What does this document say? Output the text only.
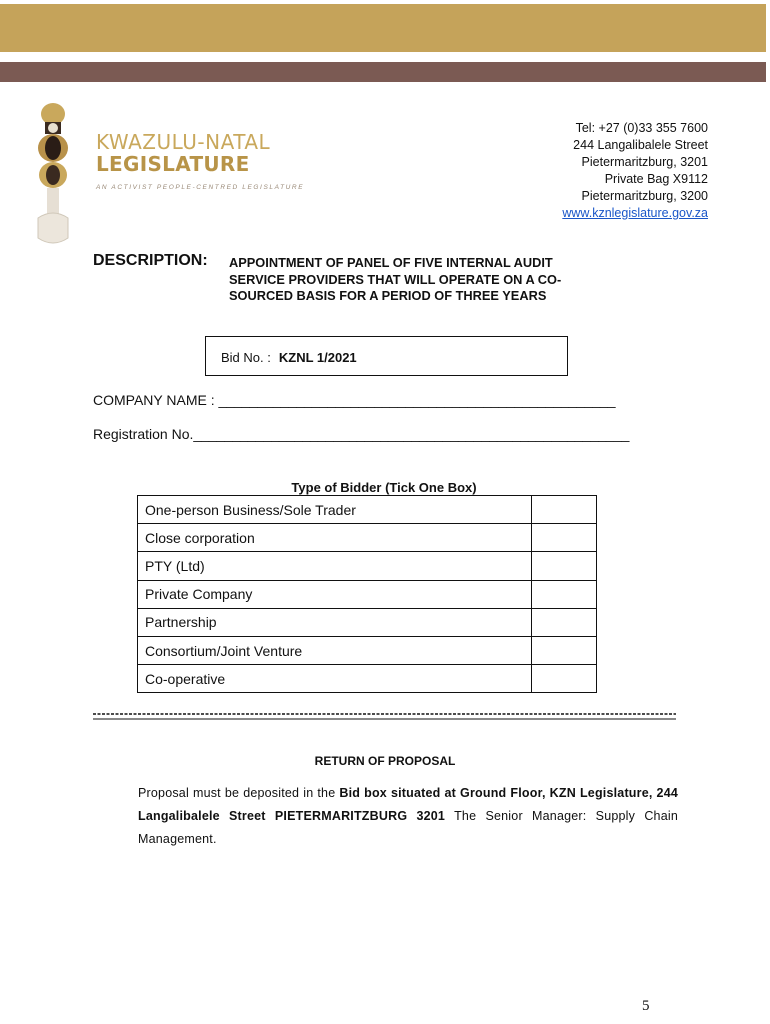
KWAZULU-NATAL
LEGISLATURE
AN ACTIVIST PEOPLE-CENTRED LEGISLATURE
Tel: +27 (0)33 355 7600
244 Langalibalele Street
Pietermaritzburg, 3201
Private Bag X9112
Pietermaritzburg, 3200
www.kznlegislature.gov.za
DESCRIPTION: APPOINTMENT OF PANEL OF FIVE INTERNAL AUDIT
SERVICE PROVIDERS THAT WILL OPERATE ON A CO-
SOURCED BASIS FOR A PERIOD OF THREE YEARS
Bid No. : KZNL 1/2021
COMPANY NAME : ___________________________________________________
Registration No.________________________________________________________
Type of Bidder (Tick One Box)
One-person Business/Sole Trader	
Close corporation	
PTY (Ltd)	
Private Company	
Partnership	
Consortium/Joint Venture	
Co-operative	
RETURN OF PROPOSAL
Proposal must be deposited in the Bid box situated at Ground Floor, KZN Legislature, 244 Langalibalele Street PIETERMARITZBURG 3201 The Senior Manager: Supply Chain Management.
5
